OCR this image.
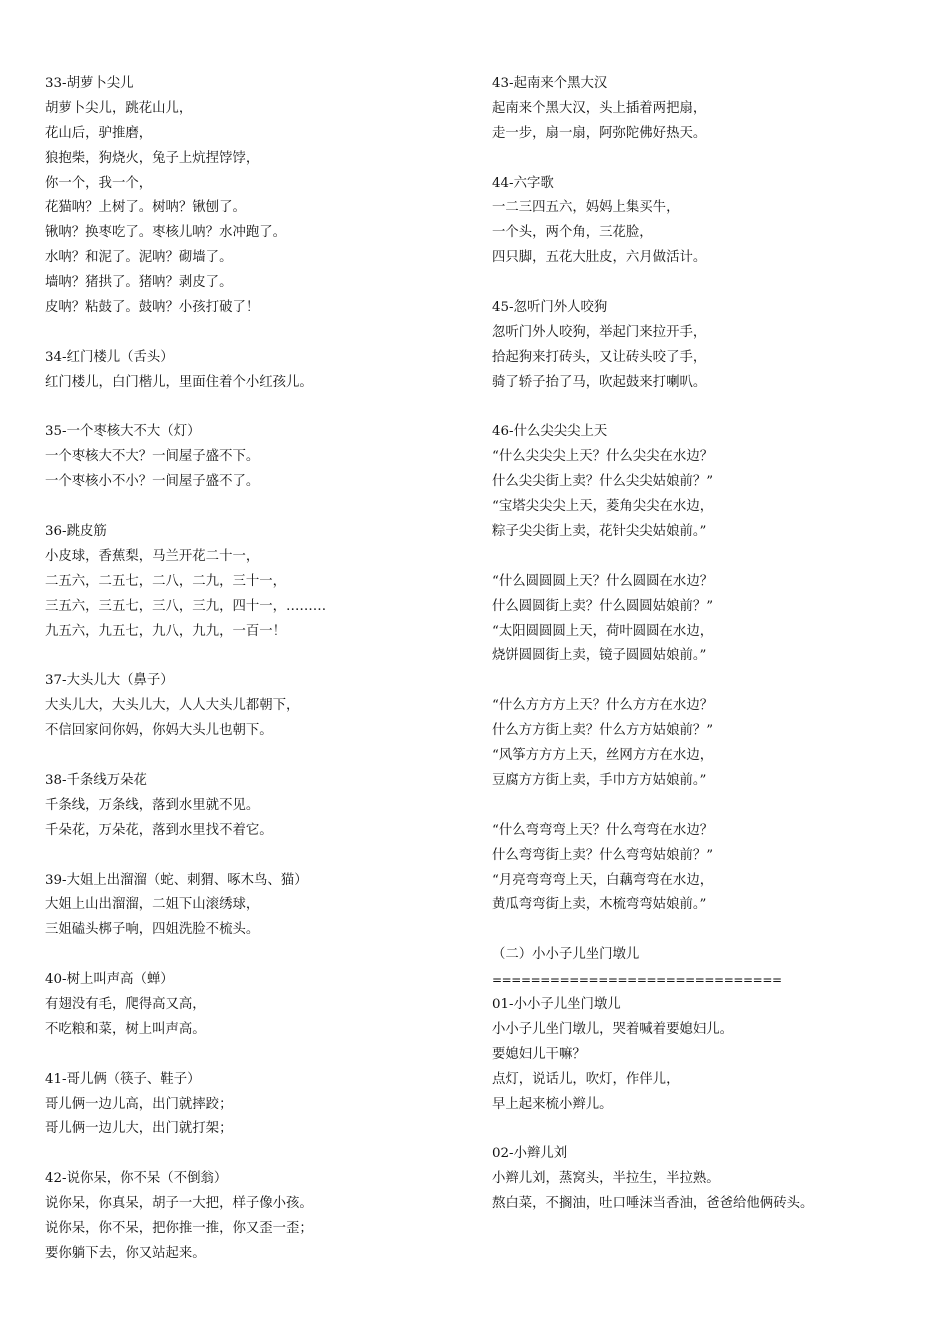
33-胡萝卜尖儿
胡萝卜尖儿，跳花山儿，
花山后，驴推磨，
狼抱柴，狗烧火，兔子上炕捏饽饽，
你一个，我一个，
花猫呐？上树了。树呐？锹刨了。
锹呐？换枣吃了。枣核儿呐？水冲跑了。
水呐？和泥了。泥呐？砌墙了。
墙呐？猪拱了。猪呐？剥皮了。
皮呐？粘鼓了。鼓呐？小孩打破了！
34-红门楼儿（舌头）
红门楼儿，白门楷儿，里面住着个小红孩儿。
35-一个枣核大不大（灯）
一个枣核大不大？一间屋子盛不下。
一个枣核小不小？一间屋子盛不了。
36-跳皮筋
小皮球，香蕉梨，马兰开花二十一，
二五六，二五七，二八，二九，三十一，
三五六，三五七，三八，三九，四十一，………
九五六，九五七，九八，九九，一百一！
37-大头儿大（鼻子）
大头儿大，大头儿大，人人大头儿都朝下，
不信回家问你妈，你妈大头儿也朝下。
38-千条线万朵花
千条线，万条线，落到水里就不见。
千朵花，万朵花，落到水里找不着它。
39-大姐上出溜溜（蛇、刺猬、啄木鸟、猫）
大姐上山出溜溜，二姐下山滚绣球，
三姐磕头梆子响，四姐洗脸不梳头。
40-树上叫声高（蝉）
有翅没有毛，爬得高又高，
不吃粮和菜，树上叫声高。
41-哥儿俩（筷子、鞋子）
哥儿俩一边儿高，出门就摔跤；
哥儿俩一边儿大，出门就打架；
42-说你呆，你不呆（不倒翁）
说你呆，你真呆，胡子一大把，样子像小孩。
说你呆，你不呆，把你推一推，你又歪一歪；
要你躺下去，你又站起来。
43-起南来个黑大汉
起南来个黑大汉，头上插着两把扇，
走一步，扇一扇，阿弥陀佛好热天。
44-六字歌
一二三四五六，妈妈上集买牛，
一个头，两个角，三花脸，
四只脚，五花大肚皮，六月做活计。
45-忽听门外人咬狗
忽听门外人咬狗，举起门来拉开手，
拾起狗来打砖头，又让砖头咬了手，
骑了轿子抬了马，吹起鼓来打喇叭。
46-什么尖尖尖上天
“什么尖尖尖上天？什么尖尖在水边？
什么尖尖街上卖？什么尖尖姑娘前？”
“宝塔尖尖尖上天，菱角尖尖在水边，
粽子尖尖街上卖，花针尖尖姑娘前。”
“什么圆圆圆上天？什么圆圆在水边？
什么圆圆街上卖？什么圆圆姑娘前？”
“太阳圆圆圆上天，荷叶圆圆在水边，
烧饼圆圆街上卖，镜子圆圆姑娘前。”
“什么方方方上天？什么方方在水边？
什么方方街上卖？什么方方姑娘前？”
“风筝方方方上天，丝网方方在水边，
豆腐方方街上卖，手巾方方姑娘前。”
“什么弯弯弯上天？什么弯弯在水边？
什么弯弯街上卖？什么弯弯姑娘前？”
“月亮弯弯弯上天，白藕弯弯在水边，
黄瓜弯弯街上卖，木梳弯弯姑娘前。”
（二）小小子儿坐门墩儿
==============================
01-小小子儿坐门墩儿
小小子儿坐门墩儿，哭着喊着要媳妇儿。
要媳妇儿干嘛？
点灯，说话儿，吹灯，作伴儿，
早上起来梳小辫儿。
02-小辫儿刘
小辫儿刘，蒸窝头，半拉生，半拉熟。
熬白菜，不搁油，吐口唾沫当香油，爸爸给他俩砖头。
